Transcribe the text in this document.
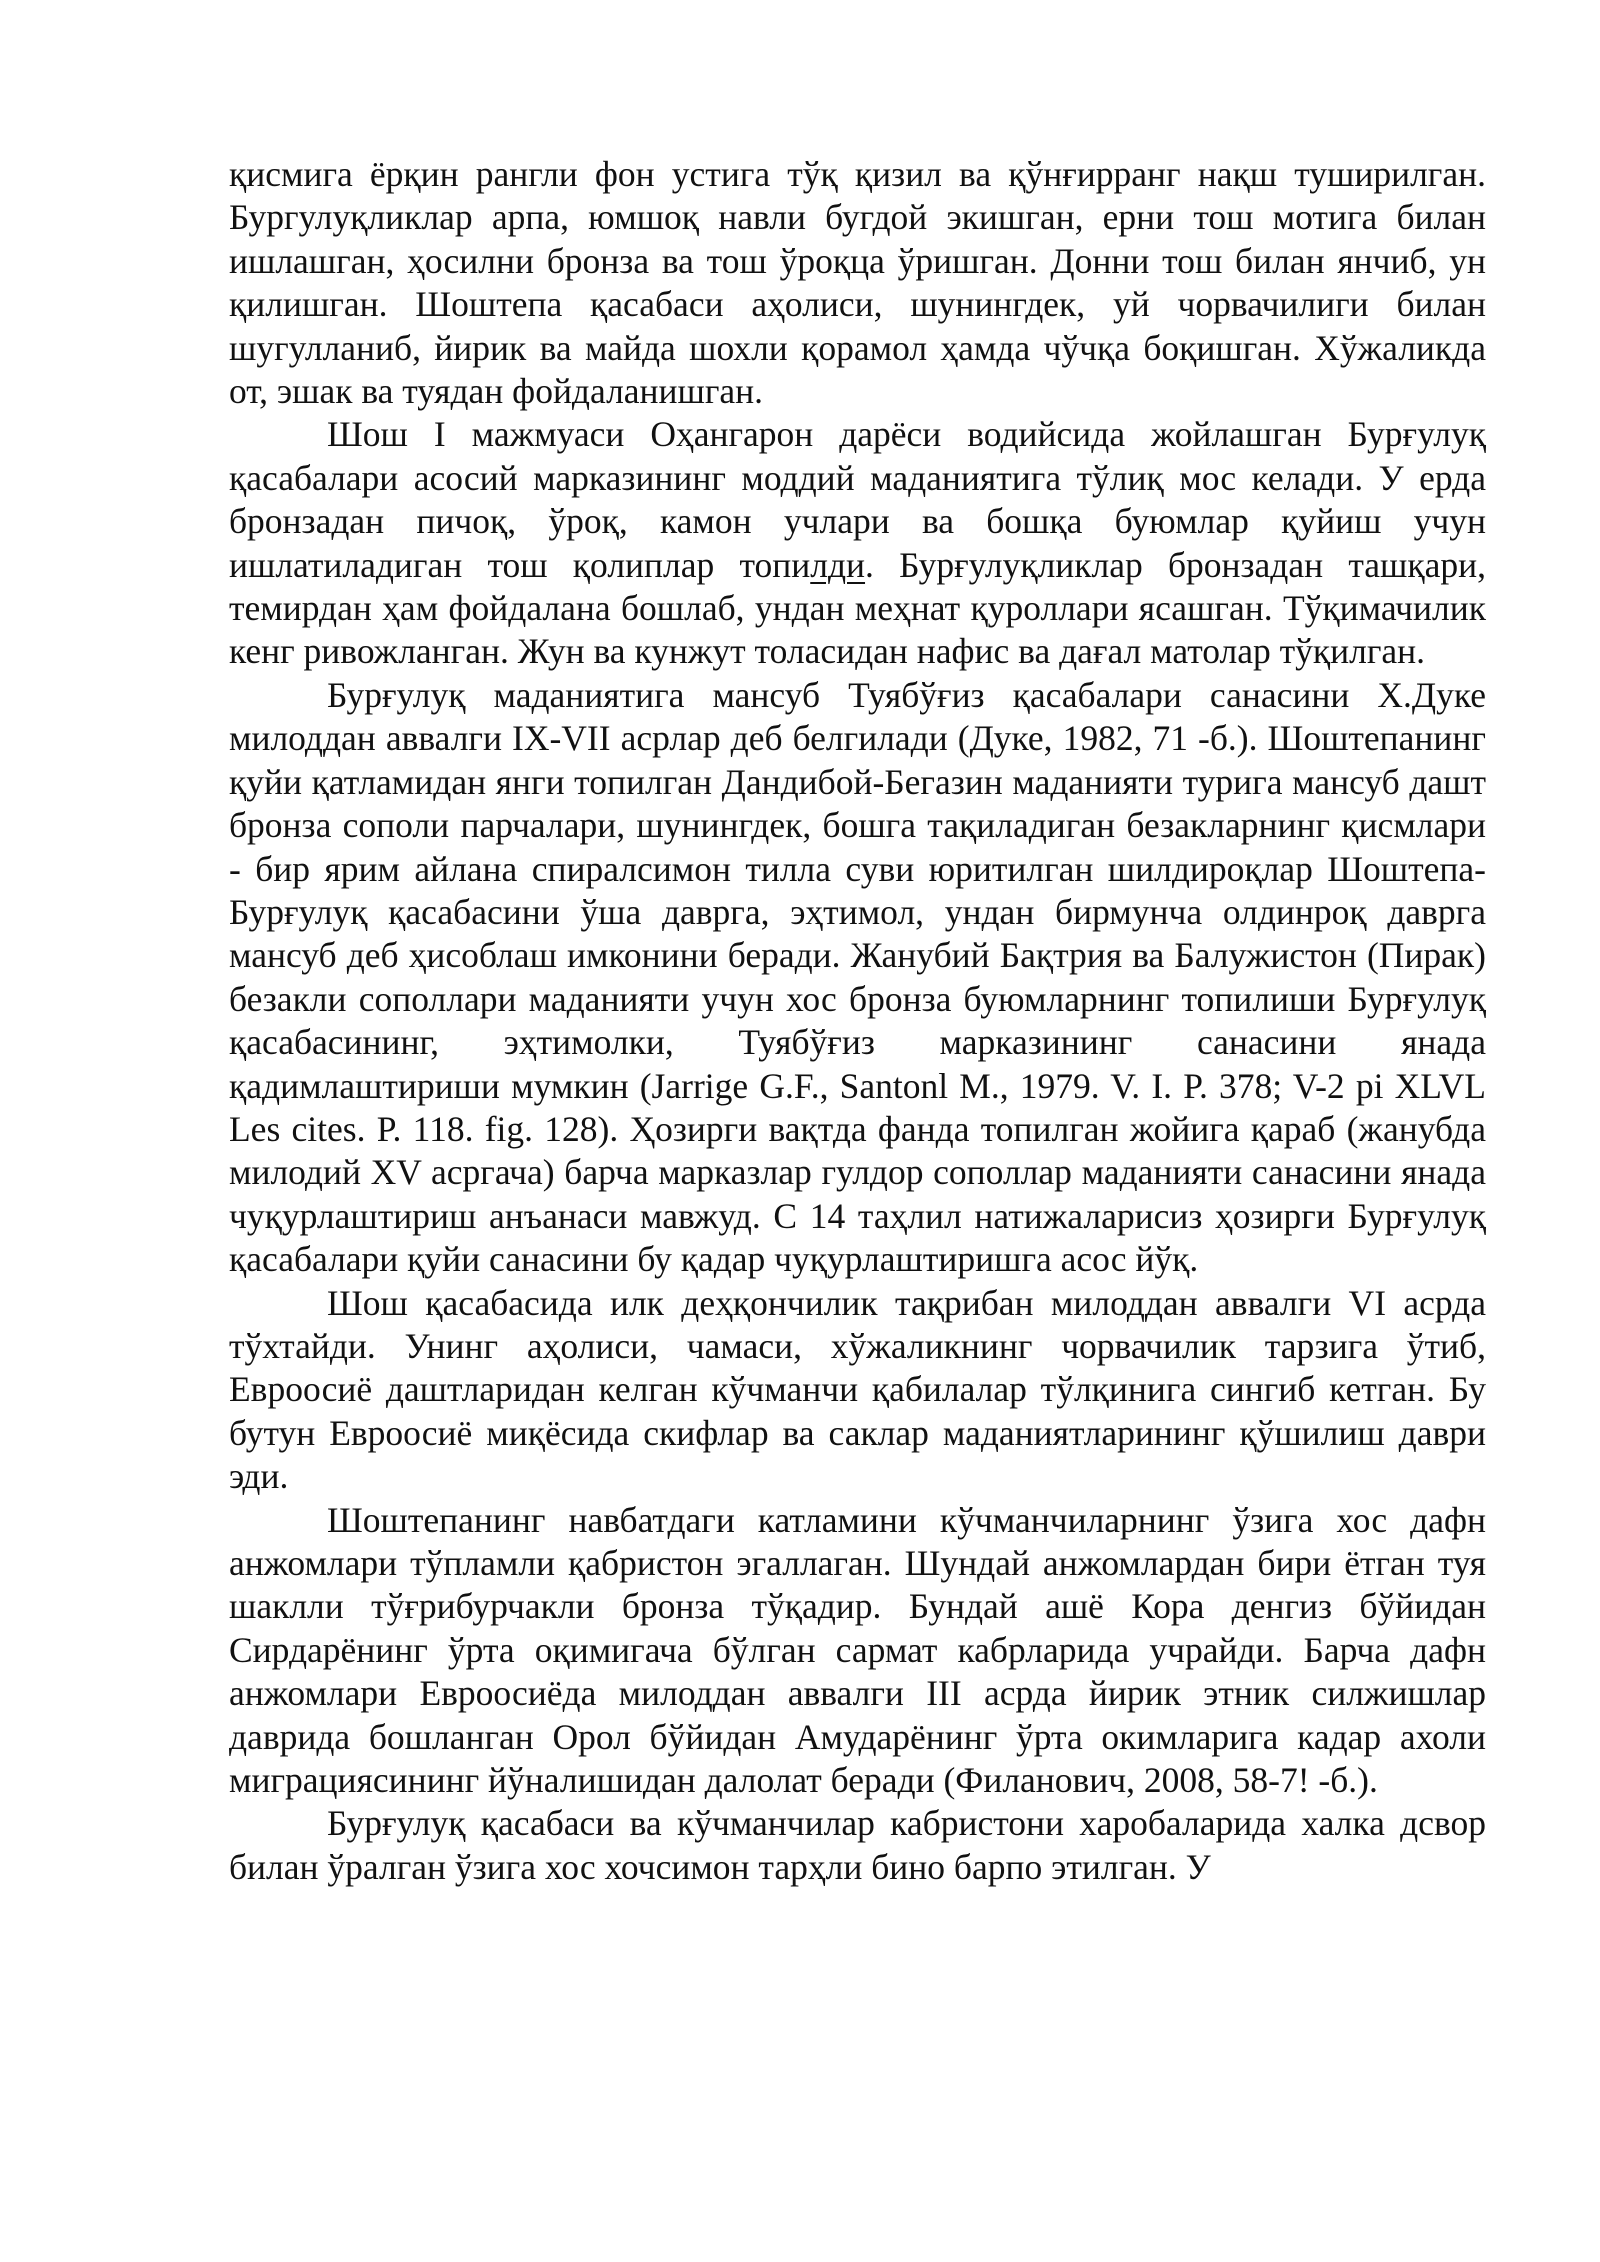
қисмига ёрқин рангли фон устига тўқ қизил ва қўнғирранг нақш туширилган. Бургулуқликлар арпа, юмшоқ навли бугдой экишган, ерни тош мотига билан ишлашган, ҳосилни бронза ва тош ўроқца ўришган. Донни тош билан янчиб, ун қилишган. Шоштепа қасабаси аҳолиси, шунингдек, уй чорвачилиги билан шугулланиб, йирик ва майда шохли қорамол ҳамда чўчқа боқишган. Хўжаликда от, эшак ва туядан фойдаланишган.

Шош I мажмуаси Оҳангарон дарёси водийсида жойлашган Бурғулуқ қасабалари асосий марказининг моддий маданиятига тўлиқ мос келади. У ерда бронзадан пичоқ, ўроқ, камон учлари ва бошқа буюмлар қуйиш учун ишлатиладиган тош қолиплар топилди. Бурғулуқликлар бронзадан ташқари, темирдан ҳам фойдалана бошлаб, ундан меҳнат қуроллари ясашган. Тўқимачилик кенг ривожланган. Жун ва кунжут толасидан нафис ва дағал матолар тўқилган.

Бурғулуқ маданиятига мансуб Туябўғиз қасабалари санасини Х.Дуке милоддан аввалги IX-VII асрлар деб белгилади (Дуке, 1982, 71 -б.). Шоштепанинг қуйи қатламидан янги топилган Дандибой-Бегазин маданияти турига мансуб дашт бронза сополи парчалари, шунингдек, бошга тақиладиган безакларнинг қисмлари - бир ярим айлана спиралсимон тилла суви юритилган шилдироқлар Шоштепа-Бурғулуқ қасабасини ўша даврга, эҳтимол, ундан бирмунча олдинроқ даврга мансуб деб ҳисоблаш имконини беради. Жанубий Бақтрия ва Балужистон (Пирак) безакли сополлари маданияти учун хос бронза буюмларнинг топилиши Бурғулуқ қасабасининг, эҳтимолки, Туябўғиз марказининг санасини янада қадимлаштириши мумкин (Jarrige G.F., Santonl M., 1979. V. I. P. 378; V-2 pi XLVL Les cites. P. 118. fig. 128). Ҳозирги вақтда фанда топилган жойига қараб (жанубда милодий XV асргача) барча марказлар гулдор сополлар маданияти санасини янада чуқурлаштириш анъанаси мавжуд. С 14 таҳлил натижаларисиз ҳозирги Бурғулуқ қасабалари қуйи санасини бу қадар чуқурлаштиришга асос йўқ.

Шош қасабасида илк деҳқончилик тақрибан милоддан аввалги VI асрда тўхтайди. Унинг аҳолиси, чамаси, хўжаликнинг чорвачилик тарзига ўтиб, Евроосиё даштларидан келган кўчманчи қабилалар тўлқинига сингиб кетган. Бу бутун Евроосиё миқёсида скифлар ва саклар маданиятларининг қўшилиш даври эди.

Шоштепанинг навбатдаги катламини кўчманчиларнинг ўзига хос дафн анжомлари тўпламли қабристон эгаллаган. Шундай анжомлардан бири ётган туя шаклли тўғрибурчакли бронза тўқадир. Бундай ашё Кора денгиз бўйидан Сирдарёнинг ўрта оқимигача бўлган сармат кабрларида учрайди. Барча дафн анжомлари Евроосиёда милоддан аввалги III асрда йирик этник силжишлар даврида бошланган Орол бўйидан Амударёнинг ўрта окимларига кадар ахоли миграциясининг йўналишидан далолат беради (Филанович, 2008, 58-7! -б.).

Бурғулуқ қасабаси ва кўчманчилар кабристони харобаларида халка дсвор билан ўралган ўзига хос хочсимон тарҳли бино барпо этилган. У
